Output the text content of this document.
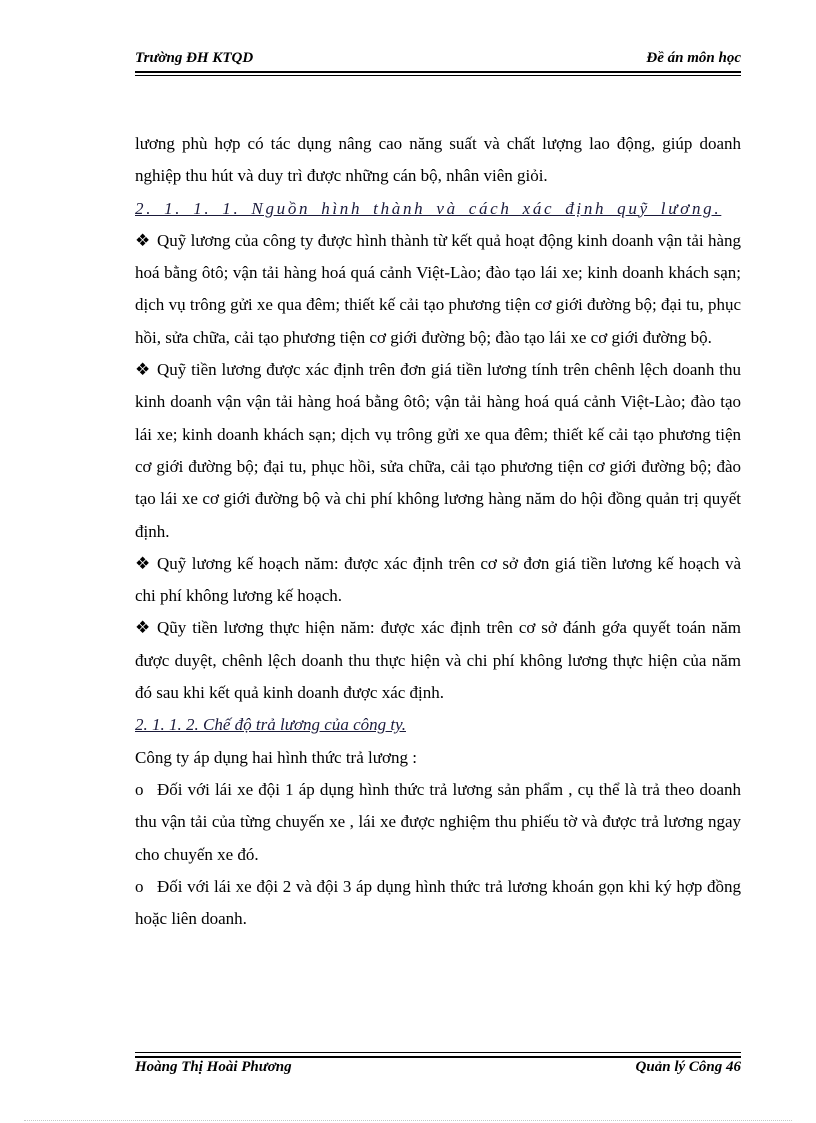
Trường ĐH KTQD	Đề án môn học

lương phù hợp có tác dụng nâng cao năng suất và chất lượng lao động, giúp doanh nghiệp thu hút và duy trì được những cán bộ, nhân viên giỏi.

2. 1. 1. 1. Nguồn hình thành và cách xác định quỹ lương.

❖ Quỹ lương của công ty được hình thành từ kết quả hoạt động kinh doanh vận tải hàng hoá bằng ôtô; vận tải hàng hoá quá cảnh Việt-Lào; đào tạo lái xe; kinh doanh khách sạn; dịch vụ trông gửi xe qua đêm; thiết kế cải tạo phương tiện cơ giới đường bộ; đại tu, phục hồi, sửa chữa, cải tạo phương tiện cơ giới đường bộ; đào tạo lái xe cơ giới đường bộ.

❖ Quỹ tiền lương được xác định trên đơn giá tiền lương tính trên chênh lệch doanh thu kinh doanh vận vận tải hàng hoá bằng ôtô; vận tải hàng hoá quá cảnh Việt-Lào; đào tạo lái xe; kinh doanh khách sạn; dịch vụ trông gửi xe qua đêm; thiết kế cải tạo phương tiện cơ giới đường bộ; đại tu, phục hồi, sửa chữa, cải tạo phương tiện cơ giới đường bộ; đào tạo lái xe cơ giới đường bộ và chi phí không lương hàng năm do hội đồng quản trị quyết định.

❖ Quỹ lương kế hoạch năm: được xác định trên cơ sở đơn giá tiền lương kế hoạch và chi phí không lương kế hoạch.

❖ Qũy tiền lương thực hiện năm: được xác định trên cơ sở đánh gớa quyết toán năm được duyệt, chênh lệch doanh thu thực hiện và chi phí không lương thực hiện của năm đó sau khi kết quả kinh doanh được xác định.

2. 1. 1. 2. Chế độ trả lương của công ty.

Công ty áp dụng hai hình thức trả lương :

o Đối với lái xe đội 1 áp dụng hình thức trả lương sản phẩm , cụ thể là trả theo doanh thu vận tải của từng chuyến xe , lái xe được nghiệm thu phiếu tờ và được trả lương ngay cho chuyến xe đó.

o Đối với lái xe đội 2 và đội 3 áp dụng hình thức trả lương khoán gọn khi ký hợp đồng hoặc liên doanh.

Hoàng Thị Hoài Phương	Quản lý Công 46
